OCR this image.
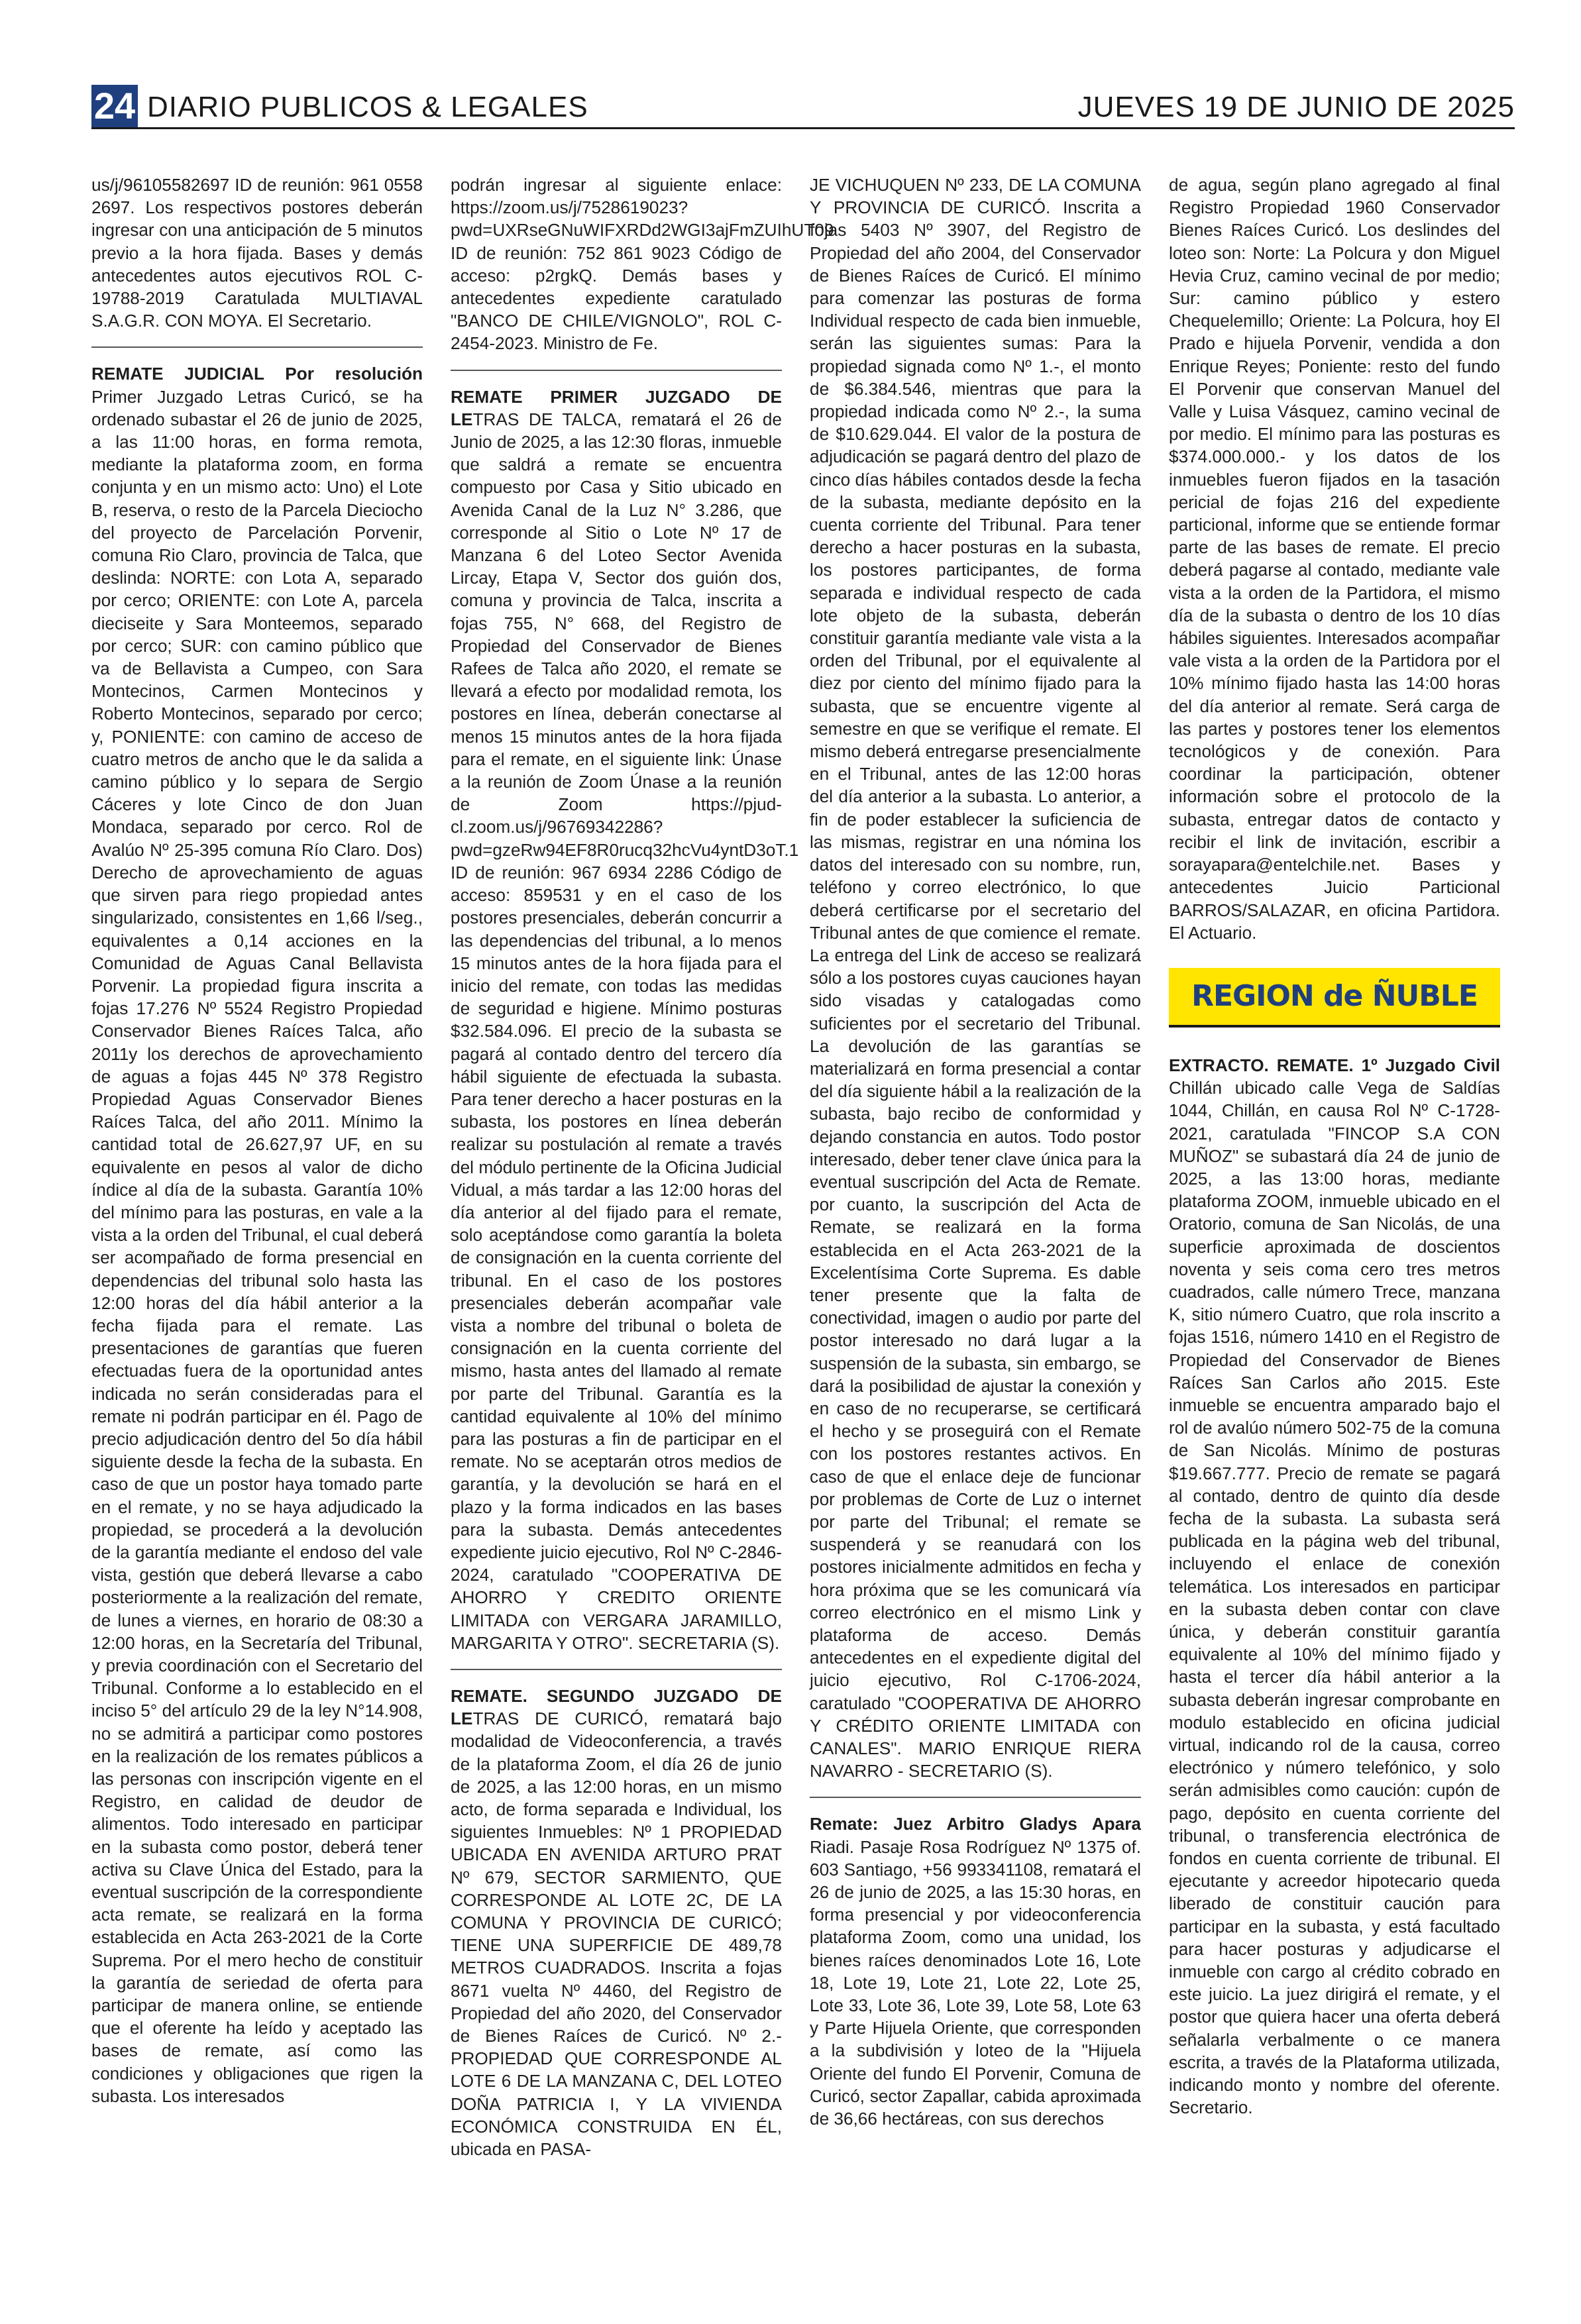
24 DIARIO PUBLICOS & LEGALES	JUEVES 19 DE JUNIO DE 2025

us/j/96105582697 ID de reunión: 961 0558 2697. Los respectivos postores deberán ingresar con una anticipación de 5 minutos previo a la hora fijada. Bases y demás antecedentes autos ejecutivos ROL C-19788-2019 Caratulada MULTIAVAL S.A.G.R. CON MOYA. El Secretario.

REMATE JUDICIAL Por resolución Primer Juzgado Letras Curicó, se ha ordenado subastar el 26 de junio de 2025, a las 11:00 horas, en forma remota, mediante la plataforma zoom, en forma conjunta y en un mismo acto: Uno) el Lote B, reserva, o resto de la Parcela Dieciocho del proyecto de Parcelación Porvenir, comuna Rio Claro, provincia de Talca, que deslinda: NORTE: con Lota A, separado por cerco; ORIENTE: con Lote A, parcela dieciseite y Sara Monteemos, separado por cerco; SUR: con camino público que va de Bellavista a Cumpeo, con Sara Montecinos, Carmen Montecinos y Roberto Montecinos, separado por cerco; y, PONIENTE: con camino de acceso de cuatro metros de ancho que le da salida a camino público y lo separa de Sergio Cáceres y lote Cinco de don Juan Mondaca, separado por cerco. Rol de Avalúo Nº 25-395 comuna Río Claro. Dos) Derecho de aprovechamiento de aguas que sirven para riego propiedad antes singularizado, consistentes en 1,66 l/seg., equivalentes a 0,14 acciones en la Comunidad de Aguas Canal Bellavista Porvenir. La propiedad figura inscrita a fojas 17.276 Nº 5524 Registro Propiedad Conservador Bienes Raíces Talca, año 2011y los derechos de aprovechamiento de aguas a fojas 445 Nº 378 Registro Propiedad Aguas Conservador Bienes Raíces Talca, del año 2011. Mínimo la cantidad total de 26.627,97 UF, en su equivalente en pesos al valor de dicho índice al día de la subasta. Garantía 10% del mínimo para las posturas, en vale a la vista a la orden del Tribunal, el cual deberá ser acompañado de forma presencial en dependencias del tribunal solo hasta las 12:00 horas del día hábil anterior a la fecha fijada para el remate. Las presentaciones de garantías que fueren efectuadas fuera de la oportunidad antes indicada no serán consideradas para el remate ni podrán participar en él. Pago de precio adjudicación dentro del 5o día hábil siguiente desde la fecha de la subasta. En caso de que un postor haya tomado parte en el remate, y no se haya adjudicado la propiedad, se procederá a la devolución de la garantía mediante el endoso del vale vista, gestión que deberá llevarse a cabo posteriormente a la realización del remate, de lunes a viernes, en horario de 08:30 a 12:00 horas, en la Secretaría del Tribunal, y previa coordinación con el Secretario del Tribunal. Conforme a lo establecido en el inciso 5° del artículo 29 de la ley N°14.908, no se admitirá a participar como postores en la realización de los remates públicos a las personas con inscripción vigente en el Registro, en calidad de deudor de alimentos. Todo interesado en participar en la subasta como postor, deberá tener activa su Clave Única del Estado, para la eventual suscripción de la correspondiente acta remate, se realizará en la forma establecida en Acta 263-2021 de la Corte Suprema. Por el mero hecho de constituir la garantía de seriedad de oferta para participar de manera online, se entiende que el oferente ha leído y aceptado las bases de remate, así como las condiciones y obligaciones que rigen la subasta. Los interesados

podrán ingresar al siguiente enlace: https://zoom.us/j/7528619023?pwd=UXRseGNuWIFXRDd2WGI3ajFmZUIhUT09 ID de reunión: 752 861 9023 Código de acceso: p2rgkQ. Demás bases y antecedentes expediente caratulado "BANCO DE CHILE/VIGNOLO", ROL C-2454-2023. Ministro de Fe.

REMATE PRIMER JUZGADO DE LETRAS DE TALCA, rematará el 26 de Junio de 2025, a las 12:30 floras, inmueble que saldrá a remate se encuentra compuesto por Casa y Sitio ubicado en Avenida Canal de la Luz N° 3.286, que corresponde al Sitio o Lote Nº 17 de Manzana 6 del Loteo Sector Avenida Lircay, Etapa V, Sector dos guión dos, comuna y provincia de Talca, inscrita a fojas 755, N° 668, del Registro de Propiedad del Conservador de Bienes Rafees de Talca año 2020, el remate se llevará a efecto por modalidad remota, los postores en línea, deberán conectarse al menos 15 minutos antes de la hora fijada para el remate, en el siguiente link: Únase a la reunión de Zoom Únase a la reunión de Zoom https://pjud-cl.zoom.us/j/96769342286?pwd=gzeRw94EF8R0rucq32hcVu4yntD3oT.1 ID de reunión: 967 6934 2286 Código de acceso: 859531 y en el caso de los postores presenciales, deberán concurrir a las dependencias del tribunal, a lo menos 15 minutos antes de la hora fijada para el inicio del remate, con todas las medidas de seguridad e higiene. Mínimo posturas $32.584.096. El precio de la subasta se pagará al contado dentro del tercero día hábil siguiente de efectuada la subasta. Para tener derecho a hacer posturas en la subasta, los postores en línea deberán realizar su postulación al remate a través del módulo pertinente de la Oficina Judicial Vidual, a más tardar a las 12:00 horas del día anterior al del fijado para el remate, solo aceptándose como garantía la boleta de consignación en la cuenta corriente del tribunal. En el caso de los postores presenciales deberán acompañar vale vista a nombre del tribunal o boleta de consignación en la cuenta corriente del mismo, hasta antes del llamado al remate por parte del Tribunal. Garantía es la cantidad equivalente al 10% del mínimo para las posturas a fin de participar en el remate. No se aceptarán otros medios de garantía, y la devolución se hará en el plazo y la forma indicados en las bases para la subasta. Demás antecedentes expediente juicio ejecutivo, Rol Nº C-2846-2024, caratulado "COOPERATIVA DE AHORRO Y CREDITO ORIENTE LIMITADA con VERGARA JARAMILLO, MARGARITA Y OTRO". SECRETARIA (S).

REMATE. SEGUNDO JUZGADO DE LETRAS DE CURICÓ, rematará bajo modalidad de Videoconferencia, a través de la plataforma Zoom, el día 26 de junio de 2025, a las 12:00 horas, en un mismo acto, de forma separada e Individual, los siguientes Inmuebles: Nº 1 PROPIEDAD UBICADA EN AVENIDA ARTURO PRAT Nº 679, SECTOR SARMIENTO, QUE CORRESPONDE AL LOTE 2C, DE LA COMUNA Y PROVINCIA DE CURICÓ; TIENE UNA SUPERFICIE DE 489,78 METROS CUADRADOS. Inscrita a fojas 8671 vuelta Nº 4460, del Registro de Propiedad del año 2020, del Conservador de Bienes Raíces de Curicó. Nº 2.- PROPIEDAD QUE CORRESPONDE AL LOTE 6 DE LA MANZANA C, DEL LOTEO DOÑA PATRICIA I, Y LA VIVIENDA ECONÓMICA CONSTRUIDA EN ÉL, ubicada en PASA-

JE VICHUQUEN Nº 233, DE LA COMUNA Y PROVINCIA DE CURICÓ. Inscrita a fojas 5403 Nº 3907, del Registro de Propiedad del año 2004, del Conservador de Bienes Raíces de Curicó. El mínimo para comenzar las posturas de forma Individual respecto de cada bien inmueble, serán las siguientes sumas: Para la propiedad signada como Nº 1.-, el monto de $6.384.546, mientras que para la propiedad indicada como Nº 2.-, la suma de $10.629.044. El valor de la postura de adjudicación se pagará dentro del plazo de cinco días hábiles contados desde la fecha de la subasta, mediante depósito en la cuenta corriente del Tribunal. Para tener derecho a hacer posturas en la subasta, los postores participantes, de forma separada e individual respecto de cada lote objeto de la subasta, deberán constituir garantía mediante vale vista a la orden del Tribunal, por el equivalente al diez por ciento del mínimo fijado para la subasta, que se encuentre vigente al semestre en que se verifique el remate. El mismo deberá entregarse presencialmente en el Tribunal, antes de las 12:00 horas del día anterior a la subasta. Lo anterior, a fin de poder establecer la suficiencia de las mismas, registrar en una nómina los datos del interesado con su nombre, run, teléfono y correo electrónico, lo que deberá certificarse por el secretario del Tribunal antes de que comience el remate. La entrega del Link de acceso se realizará sólo a los postores cuyas cauciones hayan sido visadas y catalogadas como suficientes por el secretario del Tribunal. La devolución de las garantías se materializará en forma presencial a contar del día siguiente hábil a la realización de la subasta, bajo recibo de conformidad y dejando constancia en autos. Todo postor interesado, deber tener clave única para la eventual suscripción del Acta de Remate. por cuanto, la suscripción del Acta de Remate, se realizará en la forma establecida en el Acta 263-2021 de la Excelentísima Corte Suprema. Es dable tener presente que la falta de conectividad, imagen o audio por parte del postor interesado no dará lugar a la suspensión de la subasta, sin embargo, se dará la posibilidad de ajustar la conexión y en caso de no recuperarse, se certificará el hecho y se proseguirá con el Remate con los postores restantes activos. En caso de que el enlace deje de funcionar por problemas de Corte de Luz o internet por parte del Tribunal; el remate se suspenderá y se reanudará con los postores inicialmente admitidos en fecha y hora próxima que se les comunicará vía correo electrónico en el mismo Link y plataforma de acceso. Demás antecedentes en el expediente digital del juicio ejecutivo, Rol C-1706-2024, caratulado "COOPERATIVA DE AHORRO Y CRÉDITO ORIENTE LIMITADA con CANALES". MARIO ENRIQUE RIERA NAVARRO - SECRETARIO (S).

Remate: Juez Arbitro Gladys Apara Riadi. Pasaje Rosa Rodríguez Nº 1375 of. 603 Santiago, +56 993341108, rematará el 26 de junio de 2025, a las 15:30 horas, en forma presencial y por videoconferencia plataforma Zoom, como una unidad, los bienes raíces denominados Lote 16, Lote 18, Lote 19, Lote 21, Lote 22, Lote 25, Lote 33, Lote 36, Lote 39, Lote 58, Lote 63 y Parte Hijuela Oriente, que corresponden a la subdivisión y loteo de la "Hijuela Oriente del fundo El Porvenir, Comuna de Curicó, sector Zapallar, cabida aproximada de 36,66 hectáreas, con sus derechos

de agua, según plano agregado al final Registro Propiedad 1960 Conservador Bienes Raíces Curicó. Los deslindes del loteo son: Norte: La Polcura y don Miguel Hevia Cruz, camino vecinal de por medio; Sur: camino público y estero Chequelemillo; Oriente: La Polcura, hoy El Prado e hijuela Porvenir, vendida a don Enrique Reyes; Poniente: resto del fundo El Porvenir que conservan Manuel del Valle y Luisa Vásquez, camino vecinal de por medio. El mínimo para las posturas es $374.000.000.- y los datos de los inmuebles fueron fijados en la tasación pericial de fojas 216 del expediente particional, informe que se entiende formar parte de las bases de remate. El precio deberá pagarse al contado, mediante vale vista a la orden de la Partidora, el mismo día de la subasta o dentro de los 10 días hábiles siguientes. Interesados acompañar vale vista a la orden de la Partidora por el 10% mínimo fijado hasta las 14:00 horas del día anterior al remate. Será carga de las partes y postores tener los elementos tecnológicos y de conexión. Para coordinar la participación, obtener información sobre el protocolo de la subasta, entregar datos de contacto y recibir el link de invitación, escribir a sorayapara@entelchile.net. Bases y antecedentes Juicio Particional BARROS/SALAZAR, en oficina Partidora. El Actuario.

REGION de ÑUBLE

EXTRACTO. REMATE. 1º Juzgado Civil Chillán ubicado calle Vega de Saldías 1044, Chillán, en causa Rol Nº C-1728-2021, caratulada "FINCOP S.A CON MUÑOZ" se subastará día 24 de junio de 2025, a las 13:00 horas, mediante plataforma ZOOM, inmueble ubicado en el Oratorio, comuna de San Nicolás, de una superficie aproximada de doscientos noventa y seis coma cero tres metros cuadrados, calle número Trece, manzana K, sitio número Cuatro, que rola inscrito a fojas 1516, número 1410 en el Registro de Propiedad del Conservador de Bienes Raíces San Carlos año 2015. Este inmueble se encuentra amparado bajo el rol de avalúo número 502-75 de la comuna de San Nicolás. Mínimo de posturas $19.667.777. Precio de remate se pagará al contado, dentro de quinto día desde fecha de la subasta. La subasta será publicada en la página web del tribunal, incluyendo el enlace de conexión telemática. Los interesados en participar en la subasta deben contar con clave única, y deberán constituir garantía equivalente al 10% del mínimo fijado y hasta el tercer día hábil anterior a la subasta deberán ingresar comprobante en modulo establecido en oficina judicial virtual, indicando rol de la causa, correo electrónico y número telefónico, y solo serán admisibles como caución: cupón de pago, depósito en cuenta corriente del tribunal, o transferencia electrónica de fondos en cuenta corriente de tribunal. El ejecutante y acreedor hipotecario queda liberado de constituir caución para participar en la subasta, y está facultado para hacer posturas y adjudicarse el inmueble con cargo al crédito cobrado en este juicio. La juez dirigirá el remate, y el postor que quiera hacer una oferta deberá señalarla verbalmente o ce manera escrita, a través de la Plataforma utilizada, indicando monto y nombre del oferente. Secretario.
